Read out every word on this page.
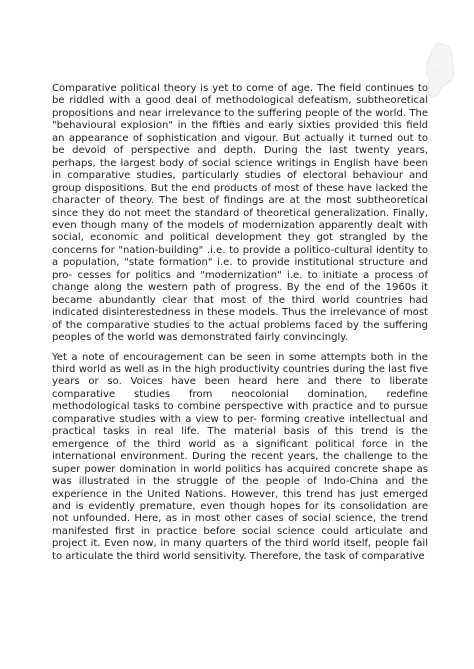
Comparative political theory is yet to come of age. The field continues to be riddled with a good deal of methodological defeatism, subtheoretical propositions and near irrelevance to the suffering people of the world. The "behavioural explosion" in the fifties and early sixties provided this field an appearance of sophistication and vigour. But actually it turned out to be devoid of perspective and depth. During the last twenty years, perhaps, the largest body of social science writings in English have been in comparative studies, particularly studies of electoral behaviour and group dispositions. But the end products of most of these have lacked the character of theory. The best of findings are at the most subtheoretical since they do not meet the standard of theoretical generalization. Finally, even though many of the models of modernization apparently dealt with social, economic and political development they got strangled by the concerns for "nation-building" .i.e. to provide a politico-cultural identity to a population, "state formation" i.e. to provide institutional structure and pro- cesses for politics and "modernization" i.e. to initiate a process of change along the western path of progress. By the end of the 1960s it became abundantly clear that most of the third world countries had indicated disinterestedness in these models. Thus the irrelevance of most of the comparative studies to the actual problems faced by the suffering peoples of the world was demonstrated fairly convincingly.

Yet a note of encouragement can be seen in some attempts both in the third world as well as in the high productivity countries during the last five years or so. Voices have been heard here and there to liberate comparative studies from neocolonial domination, redefine methodological tasks to combine perspective with practice and to pursue comparative studies with a view to per- forming creative intellectual and practical tasks in real life. The material basis of this trend is the emergence of the third world as a significant political force in the international environment. During the recent years, the challenge to the super power domination in world politics has acquired concrete shape as was illustrated in the struggle of the people of Indo-China and the experience in the United Nations. However, this trend has just emerged and is evidently premature, even though hopes for its consolidation are not unfounded. Here, as in most other cases of social science, the trend manifested first in practice before social science could articulate and project it. Even now, in many quarters of the third world itself, people fail to articulate the third world sensitivity. Therefore, the task of comparative
